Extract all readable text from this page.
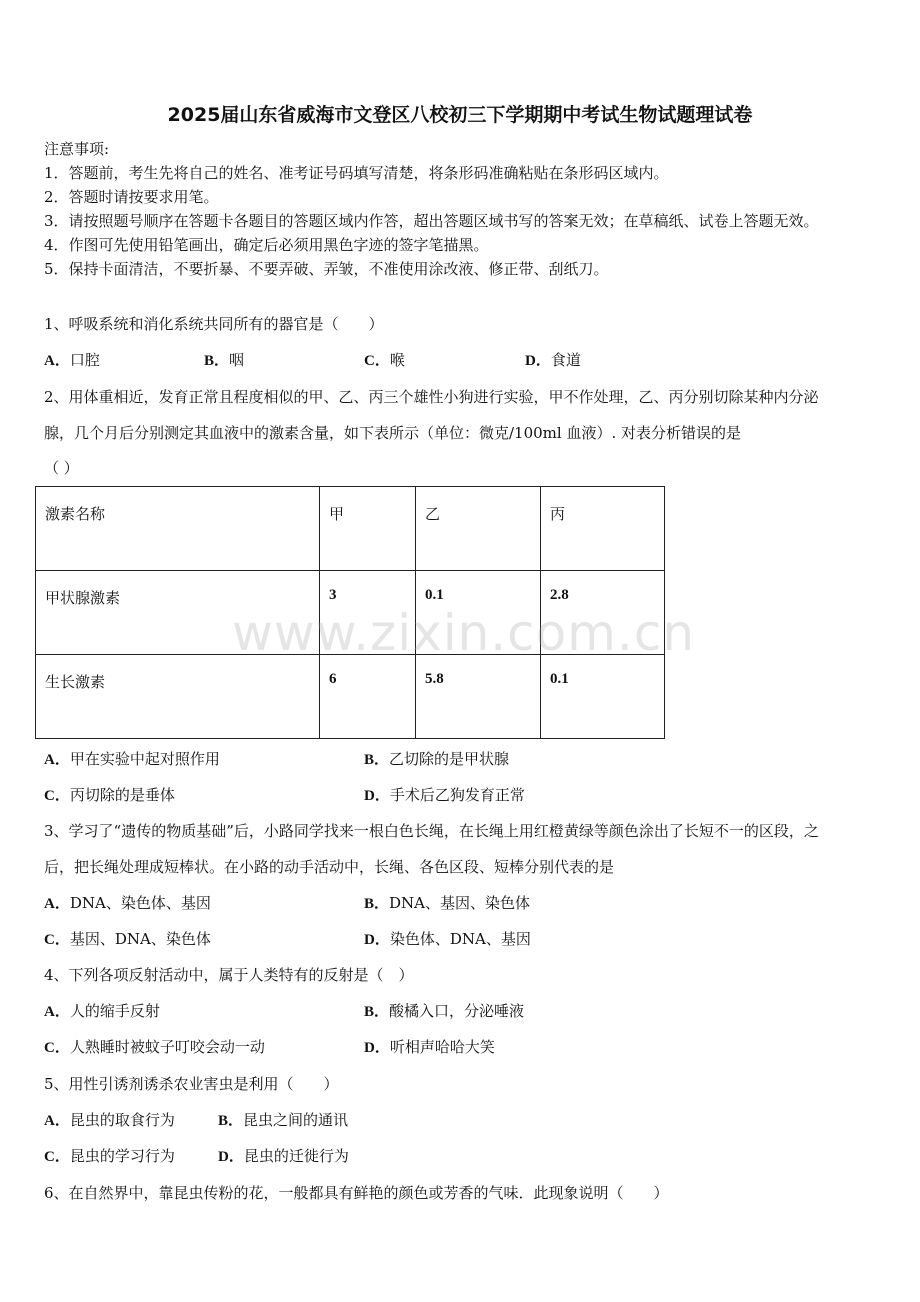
2025届山东省威海市文登区八校初三下学期期中考试生物试题理试卷
注意事项:
1．答题前，考生先将自己的姓名、准考证号码填写清楚，将条形码准确粘贴在条形码区域内。
2．答题时请按要求用笔。
3．请按照题号顺序在答题卡各题目的答题区域内作答，超出答题区域书写的答案无效；在草稿纸、试卷上答题无效。
4．作图可先使用铅笔画出，确定后必须用黑色字迹的签字笔描黑。
5．保持卡面清洁，不要折暴、不要弄破、弄皱，不准使用涂改液、修正带、刮纸刀。
1、呼吸系统和消化系统共同所有的器官是（　　）
A．口腔	B．咽	C．喉	D．食道
2、用体重相近，发育正常且程度相似的甲、乙、丙三个雄性小狗进行实验，甲不作处理，乙、丙分别切除某种内分泌
腺，几个月后分别测定其血液中的激素含量，如下表所示（单位：微克/100ml 血液）. 对表分析错误的是
（ ）
激素名称	甲	乙	丙
甲状腺激素	3	0.1	2.8
生长激素	6	5.8	0.1
A．甲在实验中起对照作用	B．乙切除的是甲状腺
C．丙切除的是垂体	D．手术后乙狗发育正常
3、学习了“遗传的物质基础”后，小路同学找来一根白色长绳，在长绳上用红橙黄绿等颜色涂出了长短不一的区段，之
后，把长绳处理成短棒状。在小路的动手活动中，长绳、各色区段、短棒分别代表的是
A．DNA、染色体、基因	B．DNA、基因、染色体
C．基因、DNA、染色体	D．染色体、DNA、基因
4、下列各项反射活动中，属于人类特有的反射是（　）
A．人的缩手反射	B．酸橘入口，分泌唾液
C．人熟睡时被蚊子叮咬会动一动	D．听相声哈哈大笑
5、用性引诱剂诱杀农业害虫是利用（　　）
A．昆虫的取食行为	B．昆虫之间的通讯
C．昆虫的学习行为	D．昆虫的迁徙行为
6、在自然界中，靠昆虫传粉的花，一般都具有鲜艳的颜色或芳香的气味．此现象说明（　　）
www.zixin.com.cn
